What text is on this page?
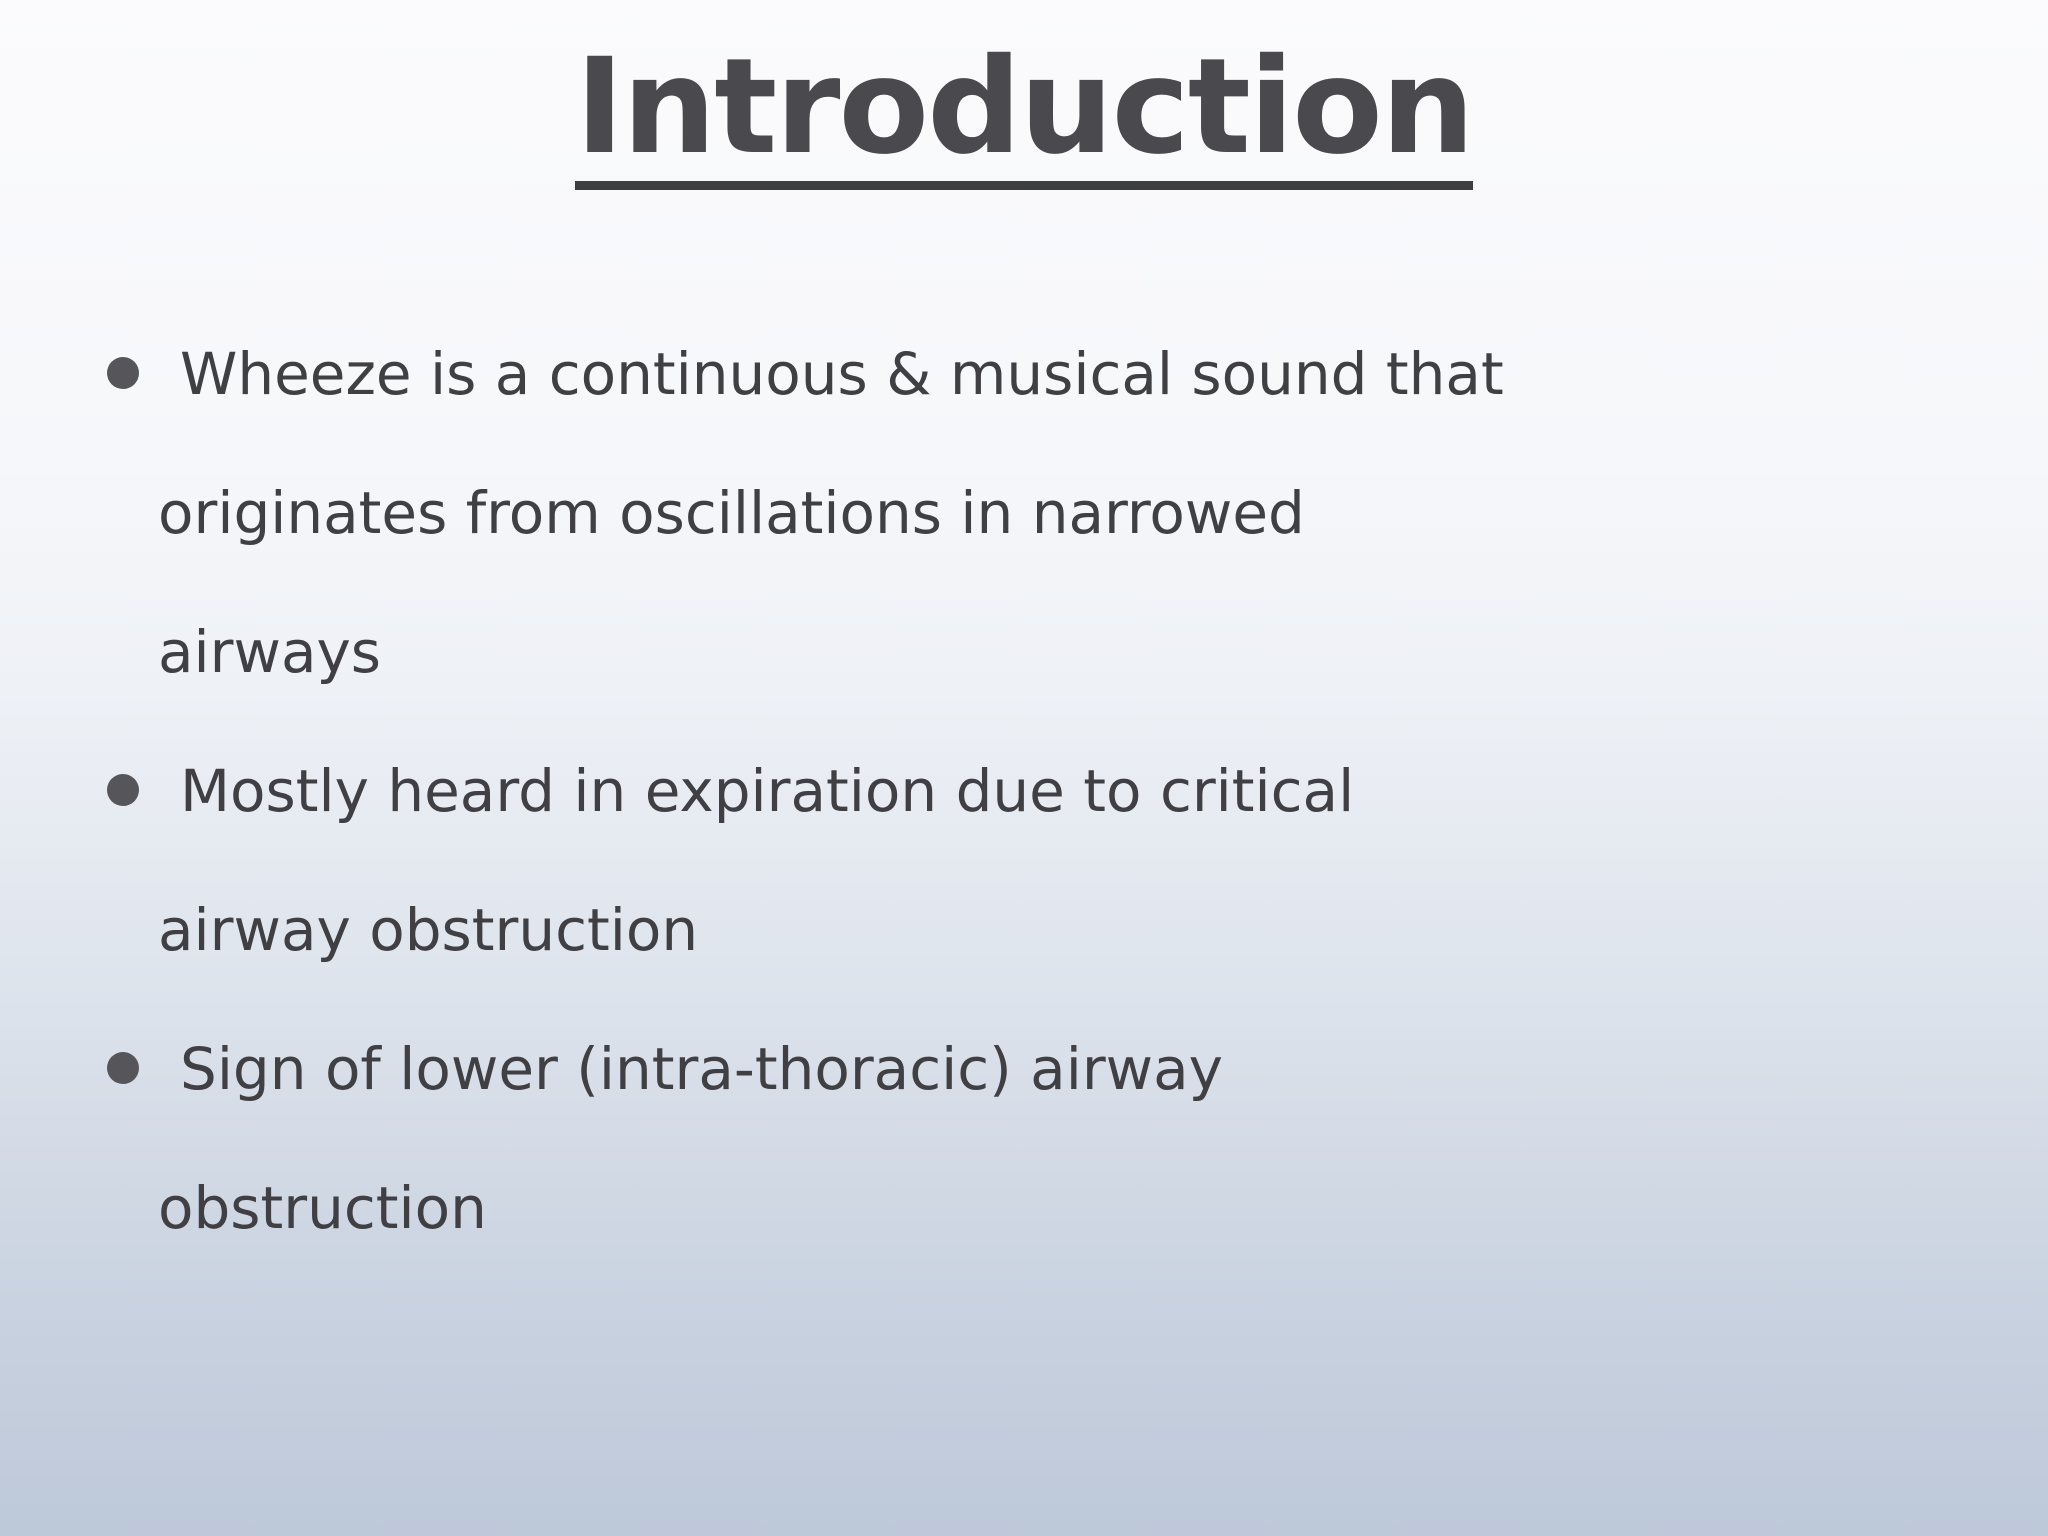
Introduction
Wheeze is a continuous & musical sound that
originates from oscillations in narrowed
airways
Mostly heard in expiration due to critical
airway obstruction
Sign of lower (intra-thoracic) airway
obstruction
